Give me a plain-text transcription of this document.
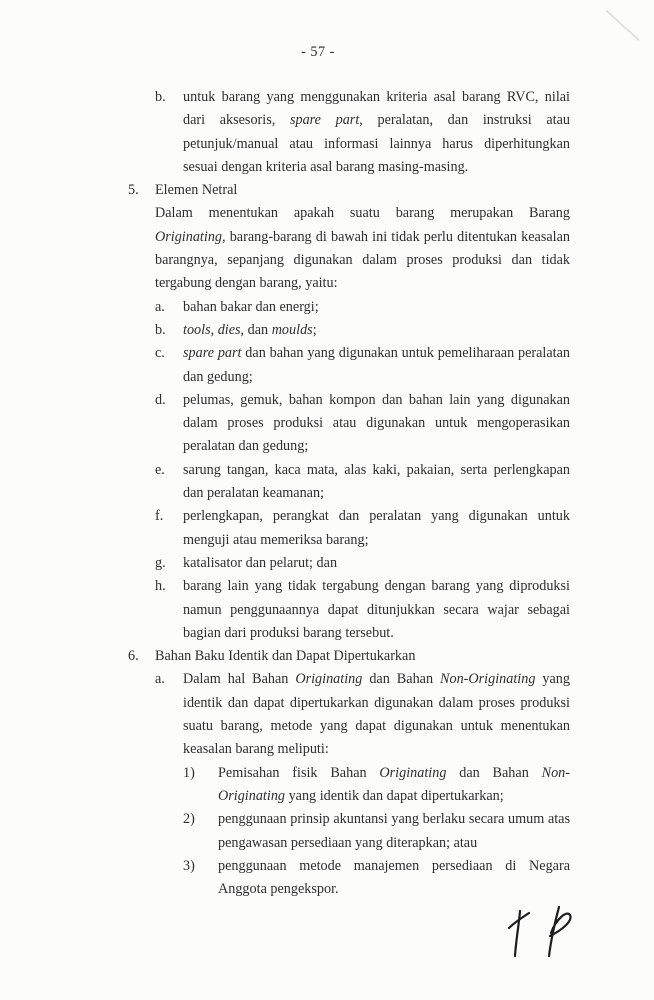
- 57 -
b.	untuk barang yang menggunakan kriteria asal barang RVC, nilai dari aksesoris, spare part, peralatan, dan instruksi atau petunjuk/manual atau informasi lainnya harus diperhitungkan sesuai dengan kriteria asal barang masing-masing.

5.	Elemen Netral

Dalam menentukan apakah suatu barang merupakan Barang Originating, barang-barang di bawah ini tidak perlu ditentukan keasalan barangnya, sepanjang digunakan dalam proses produksi dan tidak tergabung dengan barang, yaitu:

a.	bahan bakar dan energi;

b.	tools, dies, dan moulds;

c.	spare part dan bahan yang digunakan untuk pemeliharaan peralatan dan gedung;

d.	pelumas, gemuk, bahan kompon dan bahan lain yang digunakan dalam proses produksi atau digunakan untuk mengoperasikan peralatan dan gedung;

e.	sarung tangan, kaca mata, alas kaki, pakaian, serta perlengkapan dan peralatan keamanan;

f.	perlengkapan, perangkat dan peralatan yang digunakan untuk menguji atau memeriksa barang;

g.	katalisator dan pelarut; dan

h.	barang lain yang tidak tergabung dengan barang yang diproduksi namun penggunaannya dapat ditunjukkan secara wajar sebagai bagian dari produksi barang tersebut.

6.	Bahan Baku Identik dan Dapat Dipertukarkan

a.	Dalam hal Bahan Originating dan Bahan Non-Originating yang identik dan dapat dipertukarkan digunakan dalam proses produksi suatu barang, metode yang dapat digunakan untuk menentukan keasalan barang meliputi:

1)	Pemisahan fisik Bahan Originating dan Bahan Non-Originating yang identik dan dapat dipertukarkan;

2)	penggunaan prinsip akuntansi yang berlaku secara umum atas pengawasan persediaan yang diterapkan; atau

3)	penggunaan metode manajemen persediaan di Negara Anggota pengekspor.
